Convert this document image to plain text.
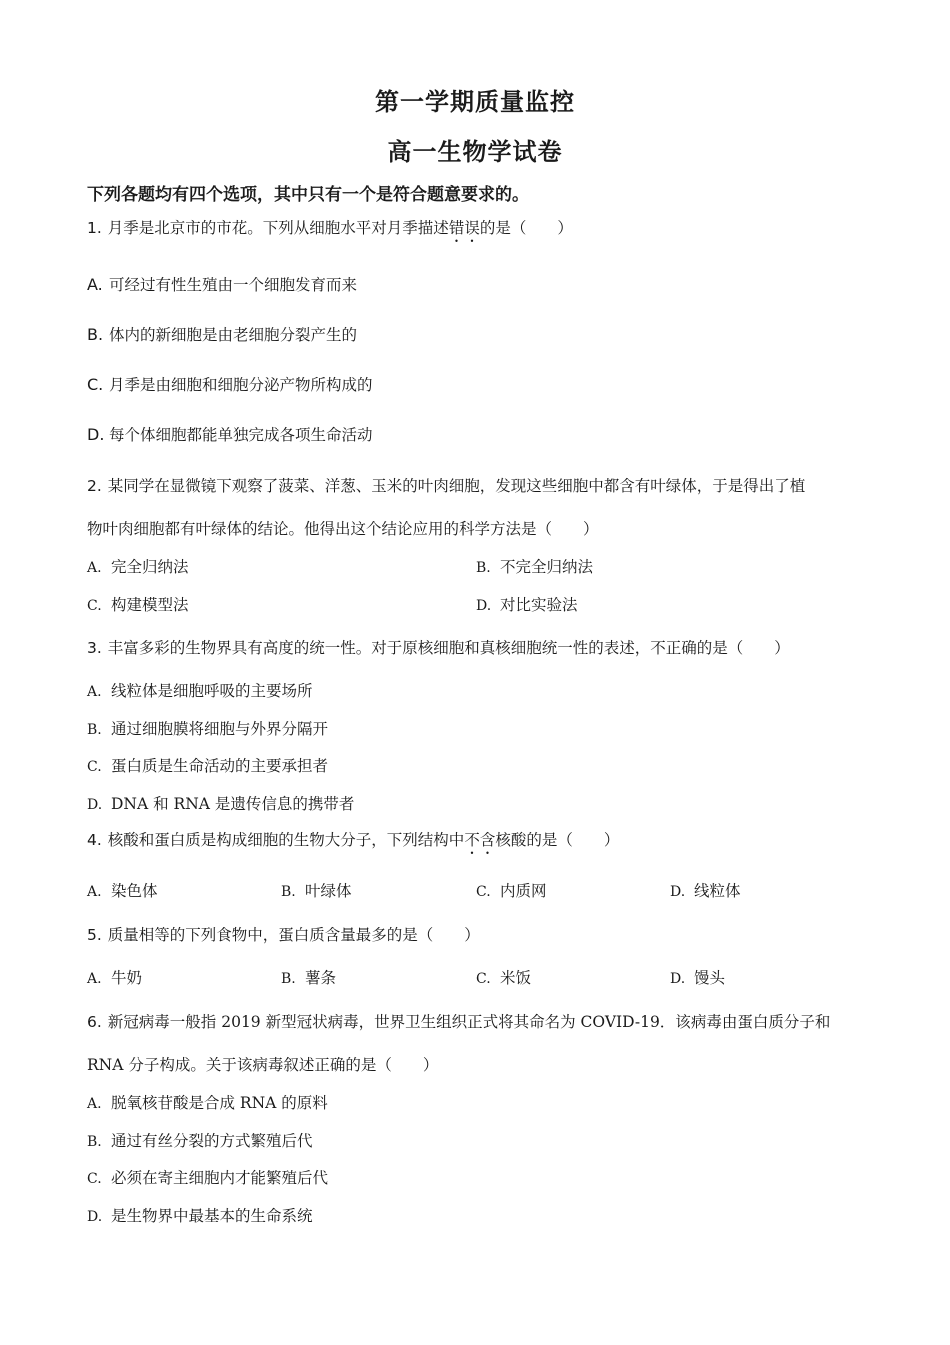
第一学期质量监控
高一生物学试卷
下列各题均有四个选项，其中只有一个是符合题意要求的。
1. 月季是北京市的市花。下列从细胞水平对月季描述错误的是（　　）
A. 可经过有性生殖由一个细胞发育而来
B. 体内的新细胞是由老细胞分裂产生的
C. 月季是由细胞和细胞分泌产物所构成的
D. 每个体细胞都能单独完成各项生命活动
2. 某同学在显微镜下观察了菠菜、洋葱、玉米的叶肉细胞，发现这些细胞中都含有叶绿体，于是得出了植
物叶肉细胞都有叶绿体的结论。他得出这个结论应用的科学方法是（　　）
A. 完全归纳法	B. 不完全归纳法
C. 构建模型法	D. 对比实验法
3. 丰富多彩的生物界具有高度的统一性。对于原核细胞和真核细胞统一性的表述，不正确的是（　　）
A. 线粒体是细胞呼吸的主要场所
B. 通过细胞膜将细胞与外界分隔开
C. 蛋白质是生命活动的主要承担者
D. DNA 和 RNA 是遗传信息的携带者
4. 核酸和蛋白质是构成细胞的生物大分子，下列结构中不含核酸的是（　　）
A. 染色体	B. 叶绿体	C. 内质网	D. 线粒体
5. 质量相等的下列食物中，蛋白质含量最多的是（　　）
A. 牛奶	B. 薯条	C. 米饭	D. 馒头
6. 新冠病毒一般指 2019 新型冠状病毒，世界卫生组织正式将其命名为 COVID-19．该病毒由蛋白质分子和
RNA 分子构成。关于该病毒叙述正确的是（　　）
A. 脱氧核苷酸是合成 RNA 的原料
B. 通过有丝分裂的方式繁殖后代
C. 必须在寄主细胞内才能繁殖后代
D. 是生物界中最基本的生命系统
